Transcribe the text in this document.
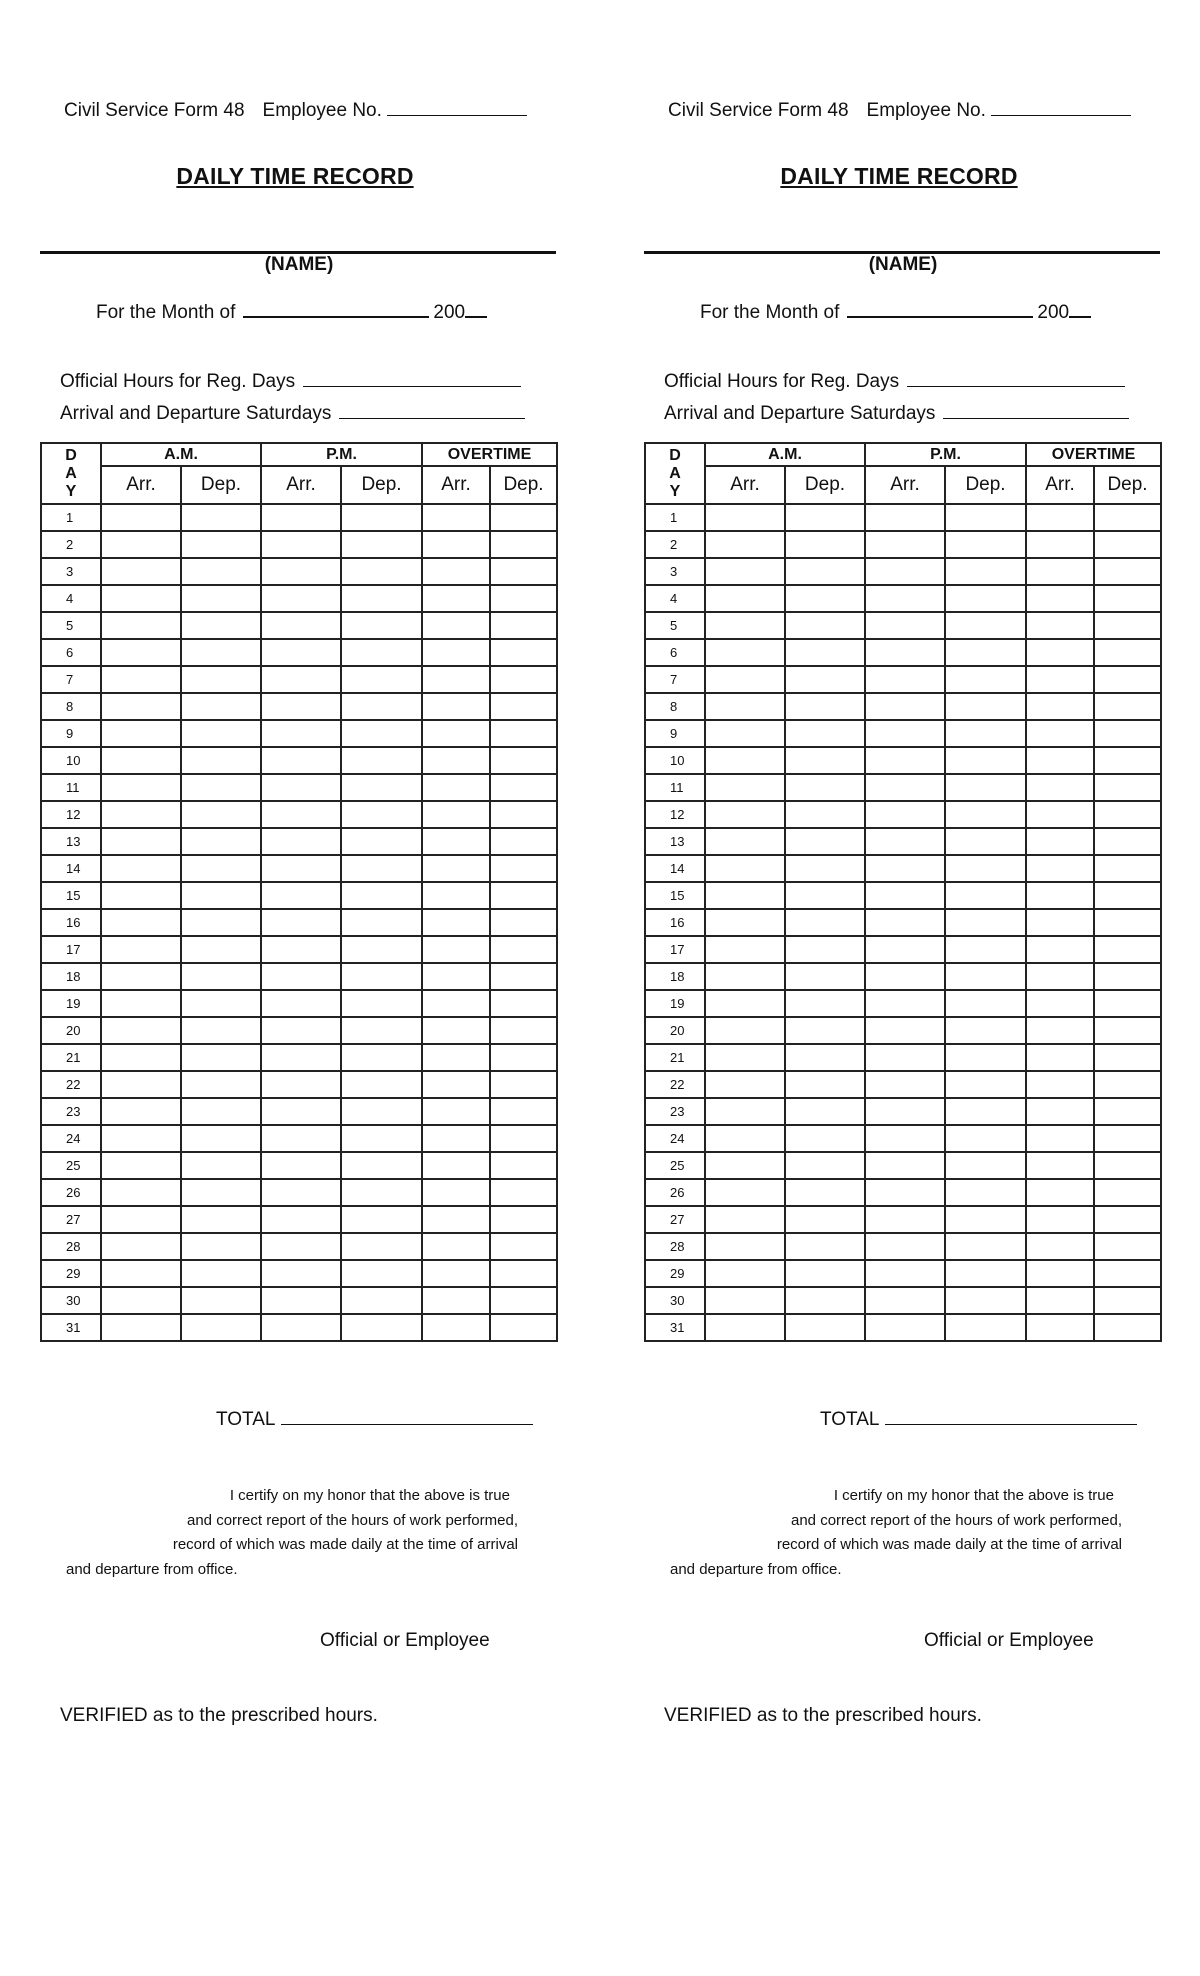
Civil Service Form 48 Employee No.
DAILY TIME RECORD
(NAME)
For the Month of	200
Official Hours for Reg. Days
Arrival and Departure Saturdays
D
A
Y	A.M.		P.M.		OVERTIME	
	Arr.	Dep.	Arr.	Dep.	Arr.	Dep.
1						
2						
3						
4						
5						
6						
7						
8						
9						
10						
11						
12						
13						
14						
15						
16						
17						
18						
19						
20						
21						
22						
23						
24						
25						
26						
27						
28						
29						
30						
31						
TOTAL
I certify on my honor that the above is true
and correct report of the hours of work performed,
record of which was made daily at the time of arrival
and departure from office.
Official or Employee
VERIFIED as to the prescribed hours.
Civil Service Form 48 Employee No.
DAILY TIME RECORD
(NAME)
For the Month of	200
Official Hours for Reg. Days
Arrival and Departure Saturdays
D
A
Y	A.M.		P.M.		OVERTIME	
	Arr.	Dep.	Arr.	Dep.	Arr.	Dep.
1						
2						
3						
4						
5						
6						
7						
8						
9						
10						
11						
12						
13						
14						
15						
16						
17						
18						
19						
20						
21						
22						
23						
24						
25						
26						
27						
28						
29						
30						
31						
TOTAL
I certify on my honor that the above is true
and correct report of the hours of work performed,
record of which was made daily at the time of arrival
and departure from office.
Official or Employee
VERIFIED as to the prescribed hours.
